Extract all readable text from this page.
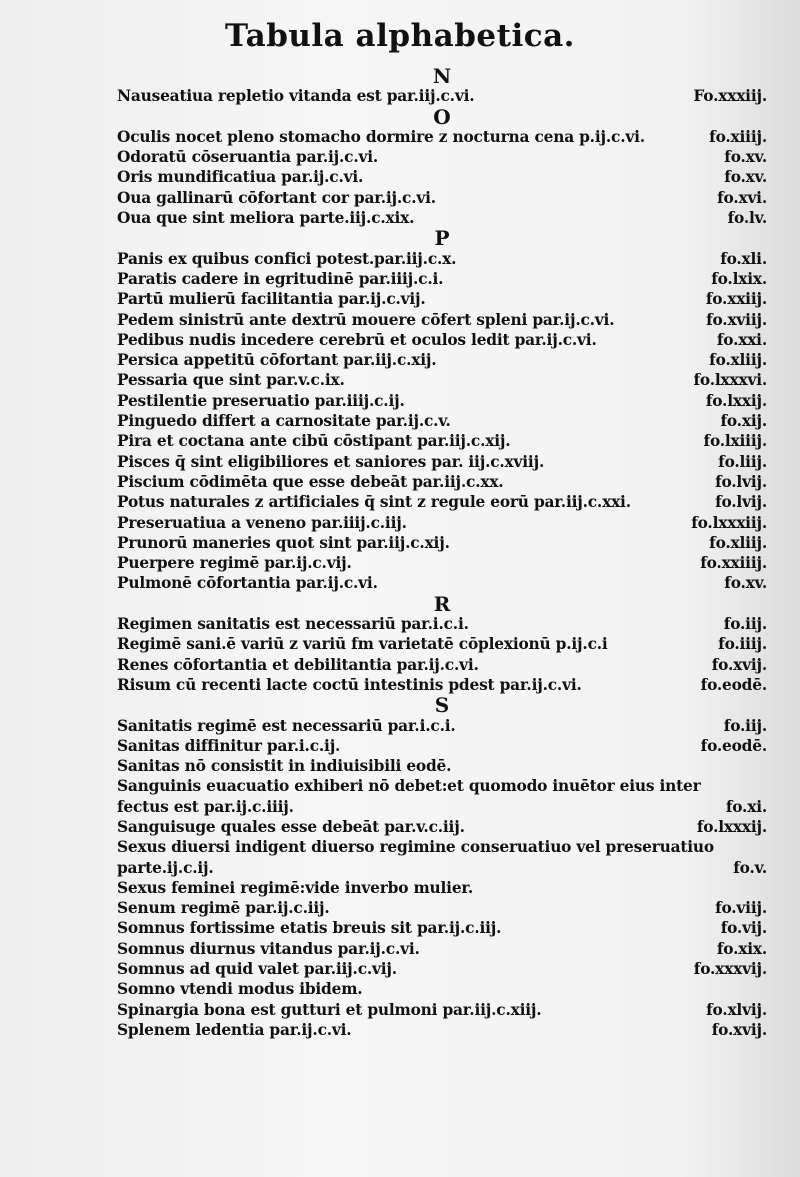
Tabula alphabetica.
N
Nauseatiua repletio vitanda est par.iij.c.vi.	Fo.xxxiij.
O
Oculis nocet pleno stomacho dormire z nocturna cena p.ij.c.vi.	fo.xiiij.
Odoratū cōseruantia par.ij.c.vi.	fo.xv.
Oris mundificatiua par.ij.c.vi.	fo.xv.
Oua gallinarū cōfortant cor par.ij.c.vi.	fo.xvi.
Oua que sint meliora parte.iij.c.xix.	fo.lv.
P
Panis ex quibus confici potest.par.iij.c.x.	fo.xli.
Paratis cadere in egritudinē par.iiij.c.i.	fo.lxix.
Partū mulierū facilitantia par.ij.c.vij.	fo.xxiij.
Pedem sinistrū ante dextrū mouere cōfert spleni par.ij.c.vi.	fo.xviij.
Pedibus nudis incedere cerebrū et oculos ledit par.ij.c.vi.	fo.xxi.
Persica appetitū cōfortant par.iij.c.xij.	fo.xliij.
Pessaria que sint par.v.c.ix.	fo.lxxxvi.
Pestilentie preseruatio par.iiij.c.ij.	fo.lxxij.
Pinguedo differt a carnositate par.ij.c.v.	fo.xij.
Pira et coctana ante cibū cōstipant par.iij.c.xij.	fo.lxiiij.
Pisces q̄ sint eligibiliores et saniores par. iij.c.xviij.	fo.liij.
Piscium cōdimēta que esse debeāt par.iij.c.xx.	fo.lvij.
Potus naturales z artificiales q̄ sint z regule eorū par.iij.c.xxi.	fo.lvij.
Preseruatiua a veneno par.iiij.c.iij.	fo.lxxxiij.
Prunorū maneries quot sint par.iij.c.xij.	fo.xliij.
Puerpere regimē par.ij.c.vij.	fo.xxiiij.
Pulmonē cōfortantia par.ij.c.vi.	fo.xv.
R
Regimen sanitatis est necessariū par.i.c.i.	fo.iij.
Regimē sani.ē variū z variū fm varietatē cōplexionū p.ij.c.i	fo.iiij.
Renes cōfortantia et debilitantia par.ij.c.vi.	fo.xvij.
Risum cū recenti lacte coctū intestinis pdest par.ij.c.vi.	fo.eodē.
S
Sanitatis regimē est necessariū par.i.c.i.	fo.iij.
Sanitas diffinitur par.i.c.ij.	fo.eodē.
Sanitas nō consistit in indiuisibili eodē.
Sanguinis euacuatio exhiberi nō debet:et quomodo inuētor eius inter
fectus est par.ij.c.iiij.	fo.xi.
Sanguisuge quales esse debeāt par.v.c.iij.	fo.lxxxij.
Sexus diuersi indigent diuerso regimine conseruatiuo vel preseruatiuo
parte.ij.c.ij.	fo.v.
Sexus feminei regimē:vide inverbo mulier.
Senum regimē par.ij.c.iij.	fo.viij.
Somnus fortissime etatis breuis sit par.ij.c.iij.	fo.vij.
Somnus diurnus vitandus par.ij.c.vi.	fo.xix.
Somnus ad quid valet par.iij.c.vij.	fo.xxxvij.
Somno vtendi modus ibidem.
Spinargia bona est gutturi et pulmoni par.iij.c.xiij.	fo.xlvij.
Splenem ledentia par.ij.c.vi.	fo.xvij.
